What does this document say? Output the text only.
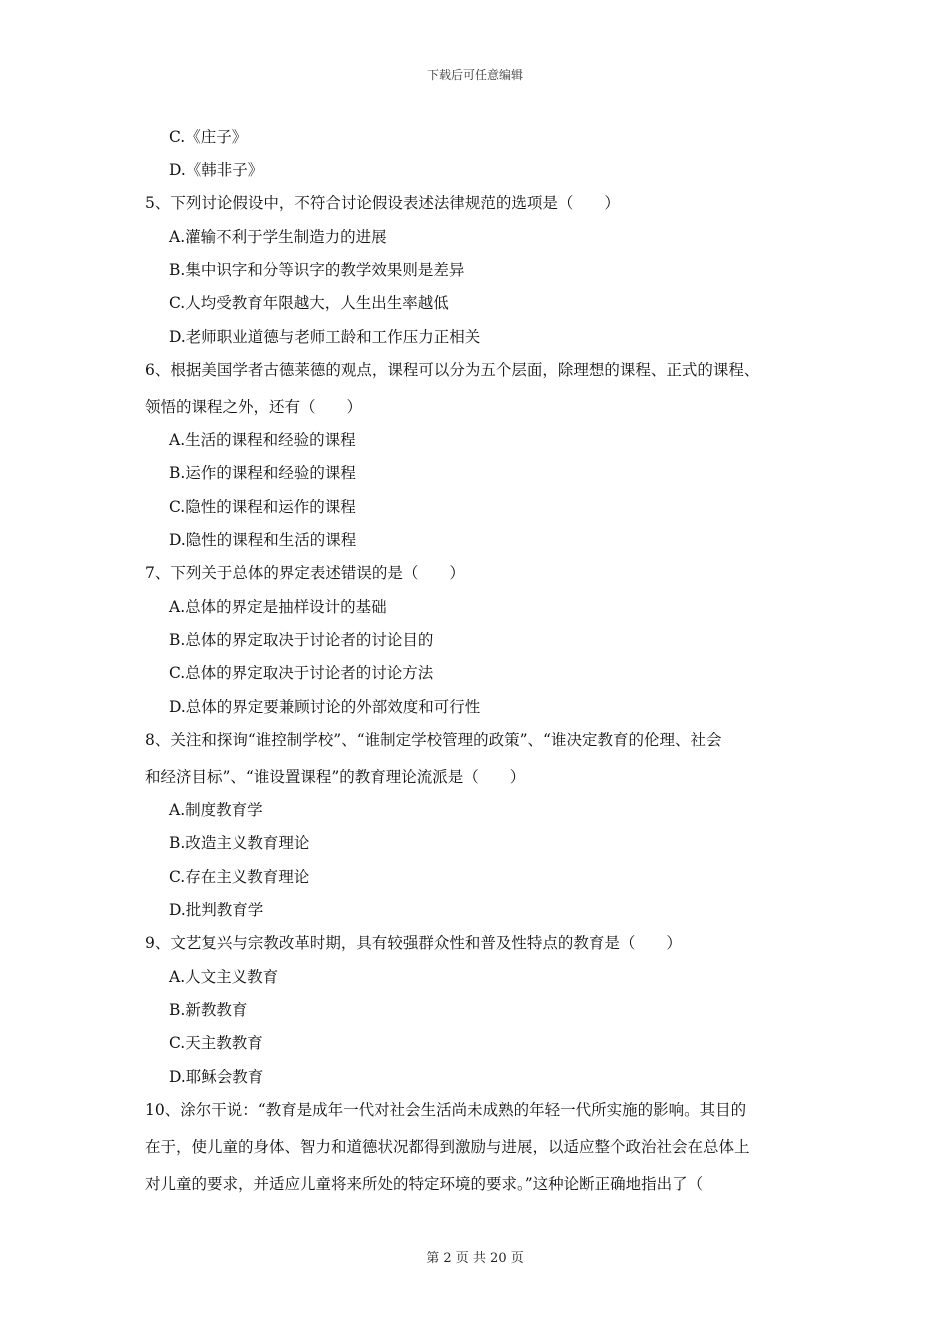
下载后可任意编辑
C.《庄子》
D.《韩非子》
5、下列讨论假设中，不符合讨论假设表述法律规范的选项是（　　）
A.灌输不利于学生制造力的进展
B.集中识字和分等识字的教学效果则是差异
C.人均受教育年限越大，人生出生率越低
D.老师职业道德与老师工龄和工作压力正相关
6、根据美国学者古德莱德的观点，课程可以分为五个层面，除理想的课程、正式的课程、
领悟的课程之外，还有（　　）
A.生活的课程和经验的课程
B.运作的课程和经验的课程
C.隐性的课程和运作的课程
D.隐性的课程和生活的课程
7、下列关于总体的界定表述错误的是（　　）
A.总体的界定是抽样设计的基础
B.总体的界定取决于讨论者的讨论目的
C.总体的界定取决于讨论者的讨论方法
D.总体的界定要兼顾讨论的外部效度和可行性
8、关注和探询“谁控制学校”、“谁制定学校管理的政策”、“谁决定教育的伦理、社会
和经济目标”、“谁设置课程”的教育理论流派是（　　）
A.制度教育学
B.改造主义教育理论
C.存在主义教育理论
D.批判教育学
9、文艺复兴与宗教改革时期，具有较强群众性和普及性特点的教育是（　　）
A.人文主义教育
B.新教教育
C.天主教教育
D.耶稣会教育
10、涂尔干说：“教育是成年一代对社会生活尚未成熟的年轻一代所实施的影响。其目的
在于，使儿童的身体、智力和道德状况都得到激励与进展，以适应整个政治社会在总体上
对儿童的要求，并适应儿童将来所处的特定环境的要求。”这种论断正确地指出了（
第 2 页 共 20 页
